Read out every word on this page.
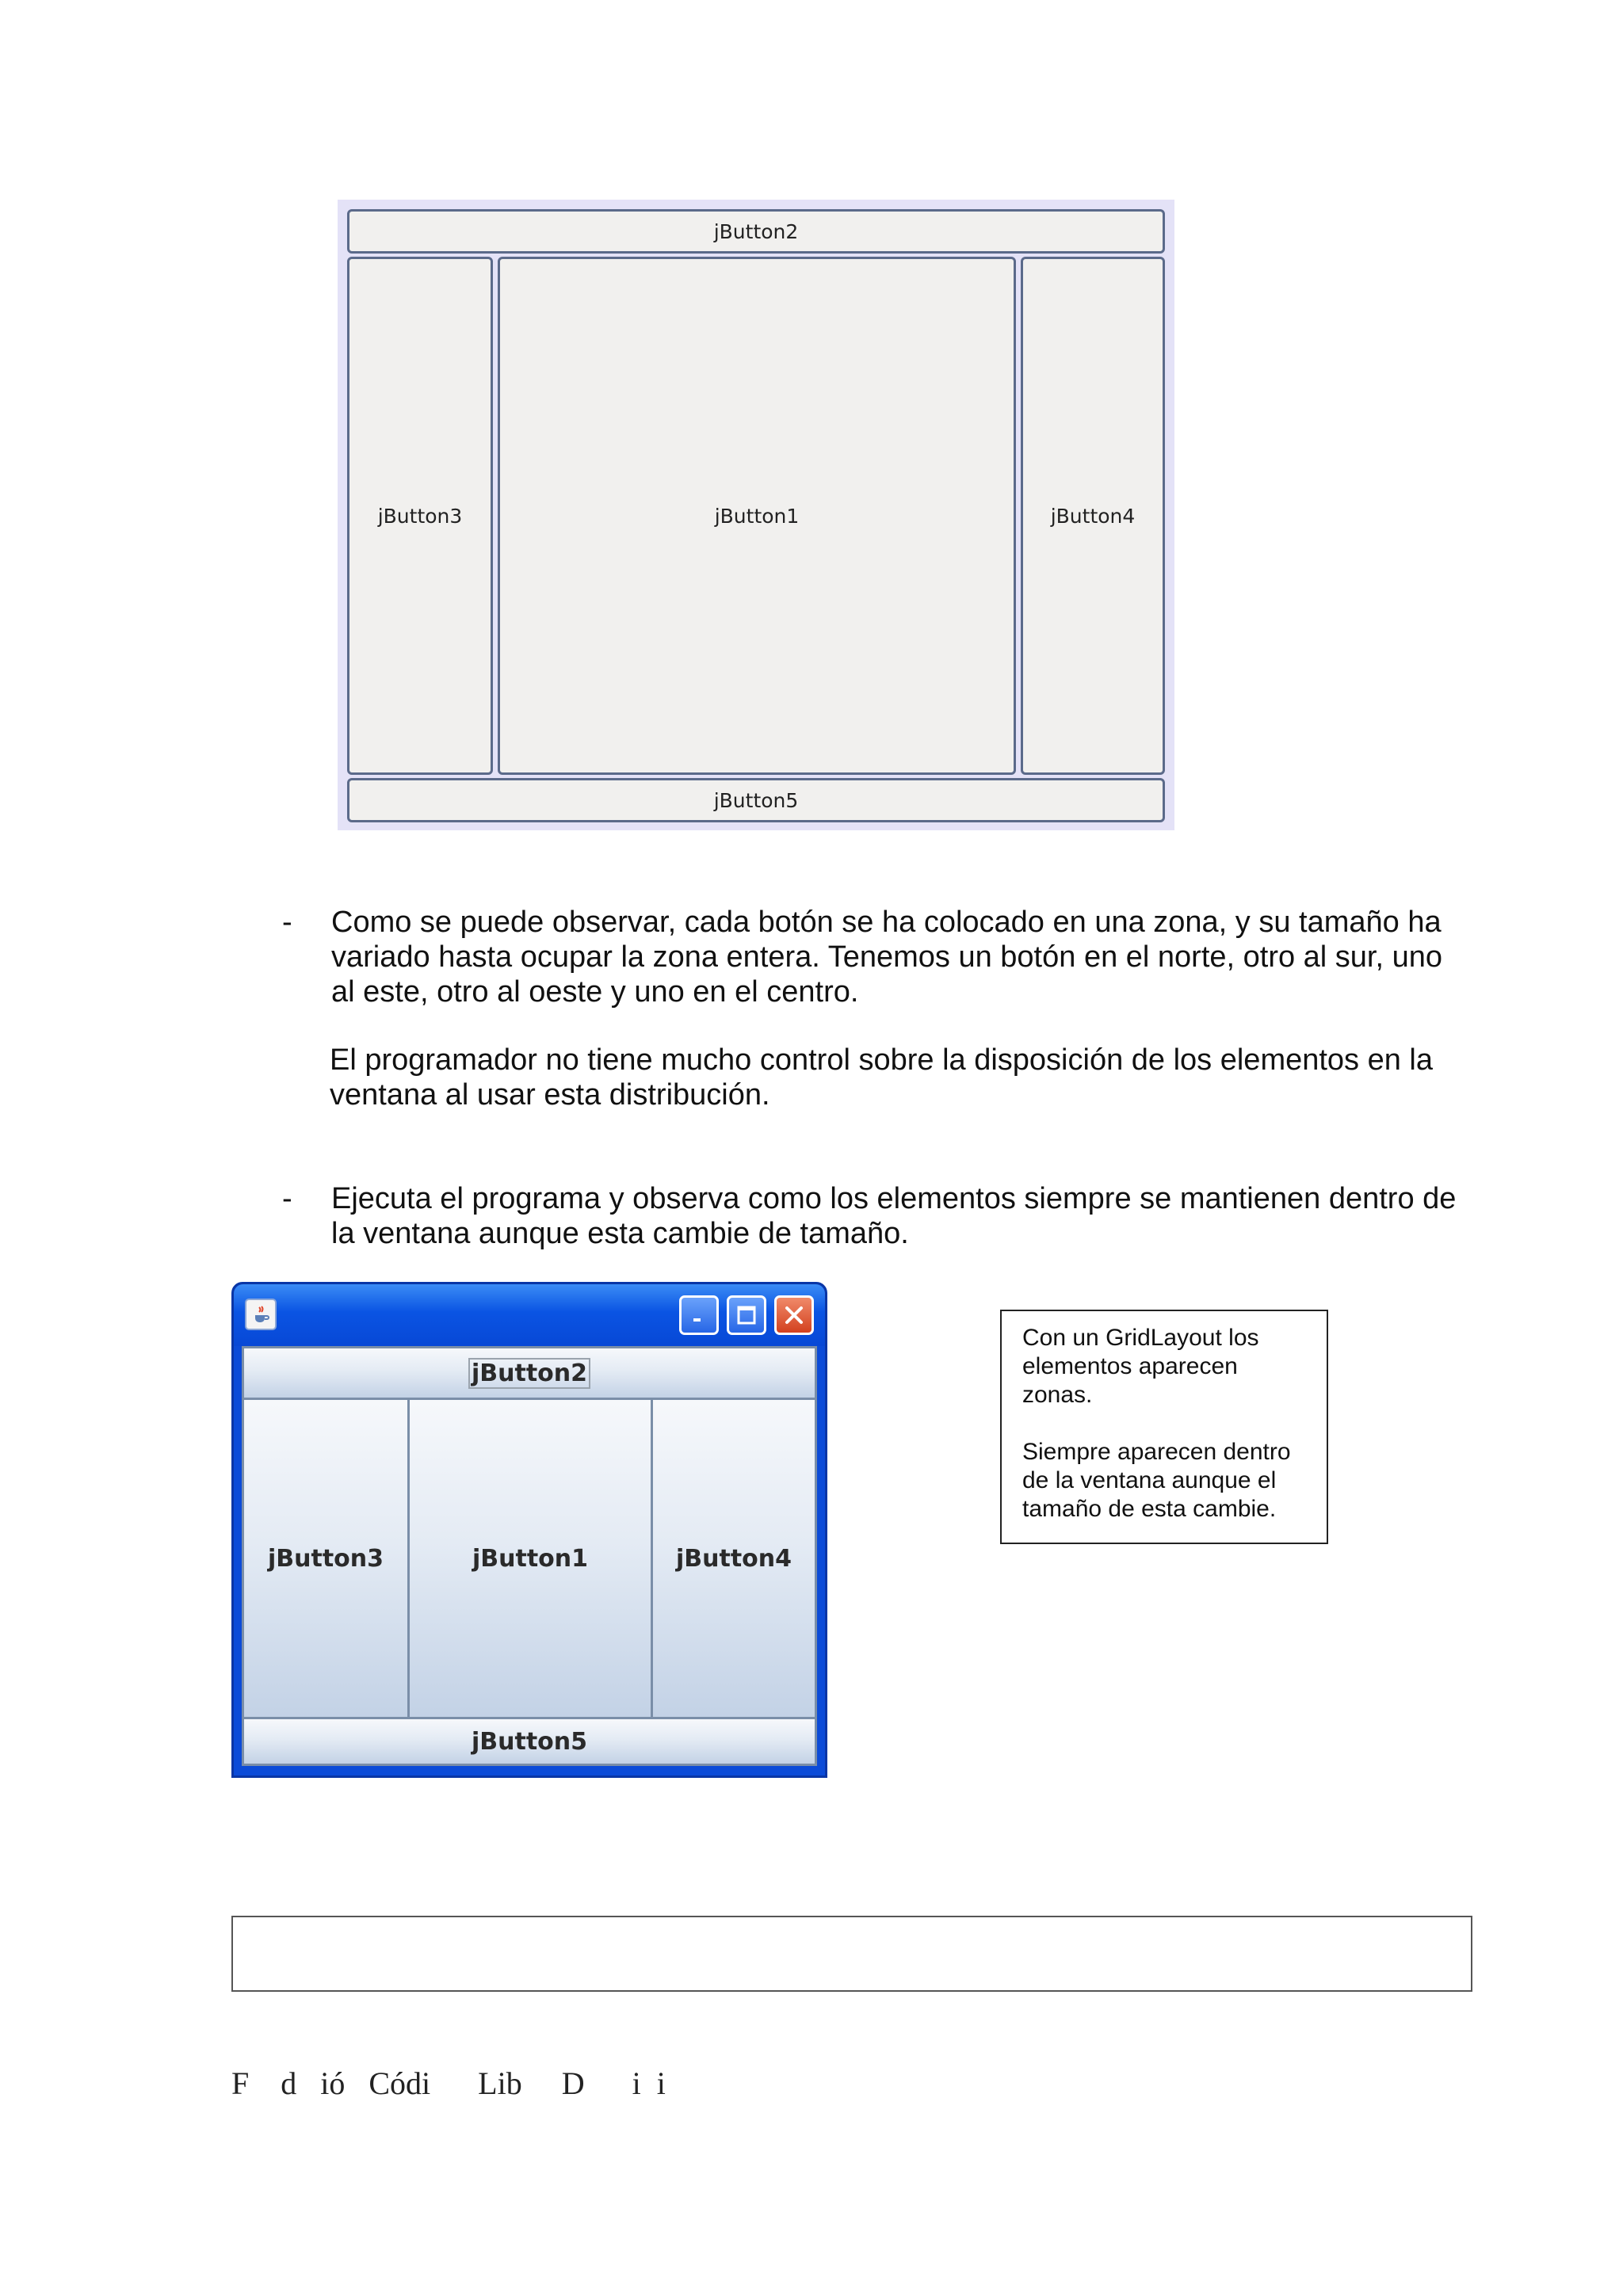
jButton2
jButton3	jButton1	jButton4
jButton5
- Como se puede observar, cada botón se ha colocado en una zona, y su tamaño ha variado hasta ocupar la zona entera. Tenemos un botón en el norte, otro al sur, uno al este, otro al oeste y uno en el centro.
El programador no tiene mucho control sobre la disposición de los elementos en la ventana al usar esta distribución.
- Ejecuta el programa y observa como los elementos siempre se mantienen dentro de la ventana aunque esta cambie de tamaño.
jButton2
jButton3	jButton1	jButton4
jButton5
Con un GridLayout los elementos aparecen zonas.
Siempre aparecen dentro de la ventana aunque el tamaño de esta cambie.
F    d   ió   Códi      Lib     D      i  i
